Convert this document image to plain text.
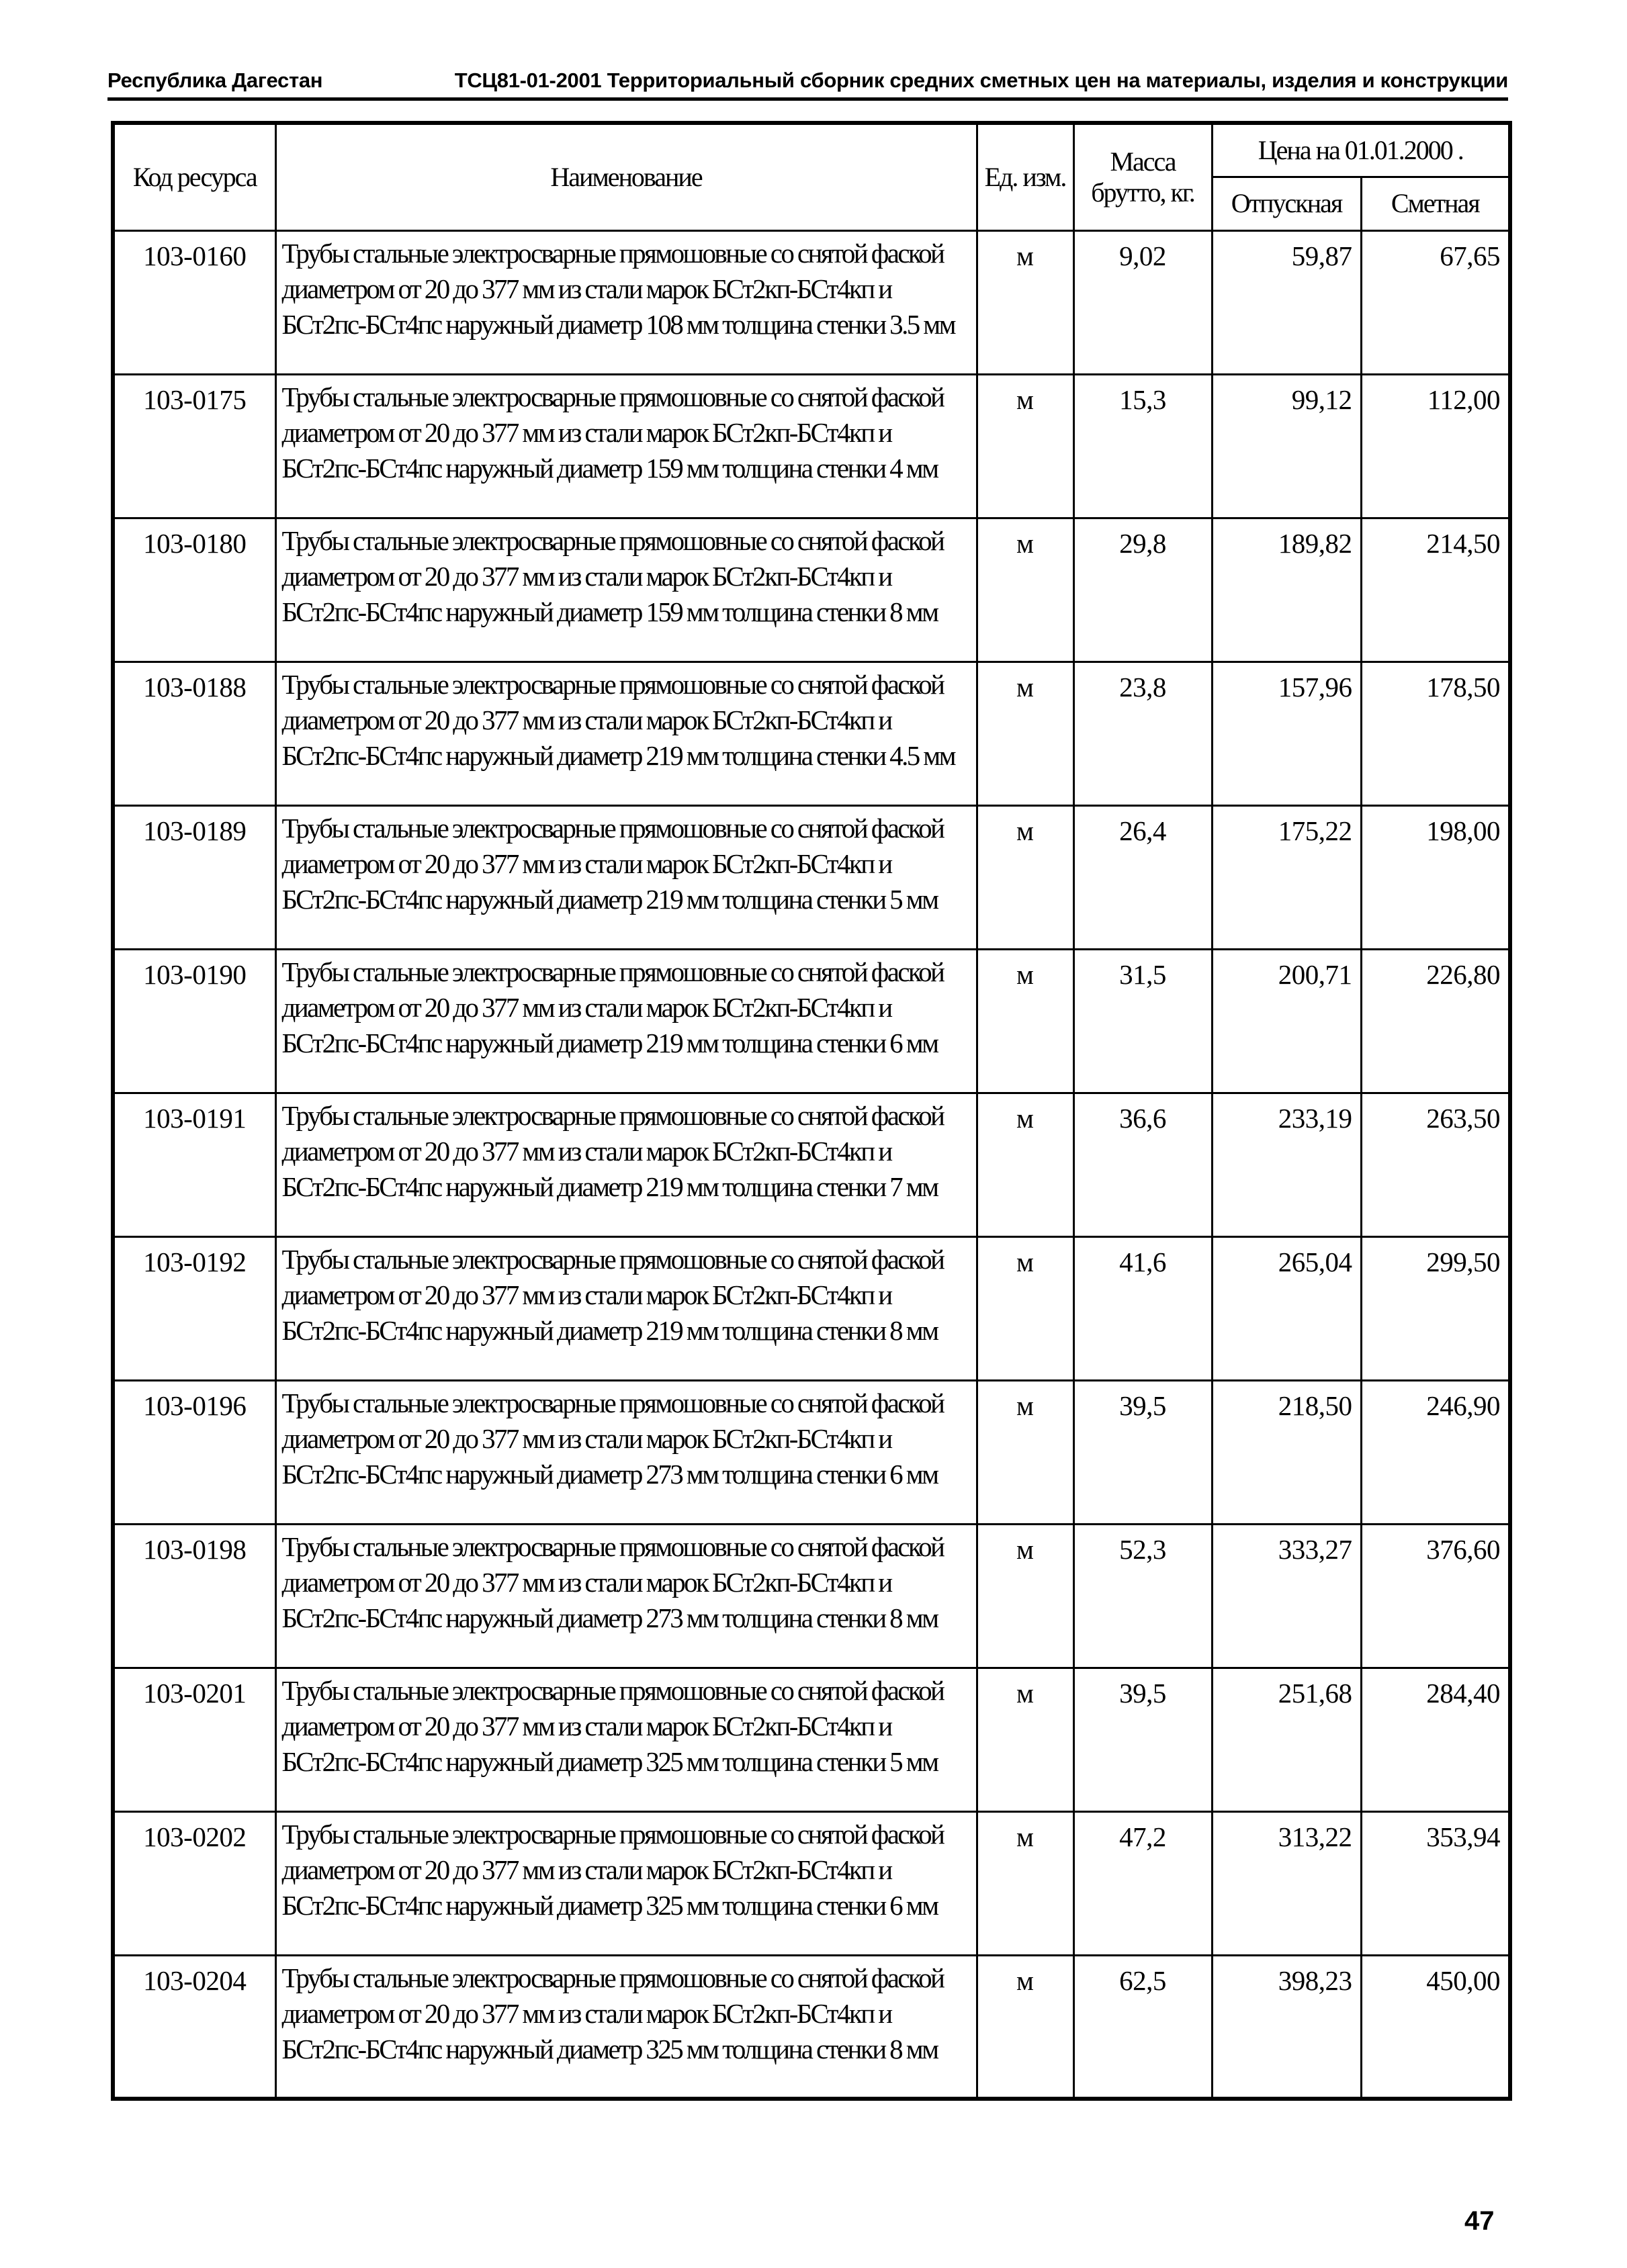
Республика Дагестан	ТСЦ81-01-2001 Территориальный сборник средних сметных цен на материалы, изделия и конструкции
Код ресурса	Наименование	Ед. изм.	Масса брутто, кг.	Цена на 01.01.2000 .	
				Отпускная	Сметная
103-0160	Трубы стальные электросварные прямошовные со снятой фаской диаметром от 20 до 377 мм из стали марок БСт2кп-БСт4кп и БСт2пс-БСт4пс наружный диаметр 108 мм толщина стенки 3.5 мм	м	9,02	59,87	67,65
103-0175	Трубы стальные электросварные прямошовные со снятой фаской диаметром от 20 до 377 мм из стали марок БСт2кп-БСт4кп и БСт2пс-БСт4пс наружный диаметр 159 мм толщина стенки 4 мм	м	15,3	99,12	112,00
103-0180	Трубы стальные электросварные прямошовные со снятой фаской диаметром от 20 до 377 мм из стали марок БСт2кп-БСт4кп и БСт2пс-БСт4пс наружный диаметр 159 мм толщина стенки 8 мм	м	29,8	189,82	214,50
103-0188	Трубы стальные электросварные прямошовные со снятой фаской диаметром от 20 до 377 мм из стали марок БСт2кп-БСт4кп и БСт2пс-БСт4пс наружный диаметр 219 мм толщина стенки 4.5 мм	м	23,8	157,96	178,50
103-0189	Трубы стальные электросварные прямошовные со снятой фаской диаметром от 20 до 377 мм из стали марок БСт2кп-БСт4кп и БСт2пс-БСт4пс наружный диаметр 219 мм толщина стенки 5 мм	м	26,4	175,22	198,00
103-0190	Трубы стальные электросварные прямошовные со снятой фаской диаметром от 20 до 377 мм из стали марок БСт2кп-БСт4кп и БСт2пс-БСт4пс наружный диаметр 219 мм толщина стенки 6 мм	м	31,5	200,71	226,80
103-0191	Трубы стальные электросварные прямошовные со снятой фаской диаметром от 20 до 377 мм из стали марок БСт2кп-БСт4кп и БСт2пс-БСт4пс наружный диаметр 219 мм толщина стенки 7 мм	м	36,6	233,19	263,50
103-0192	Трубы стальные электросварные прямошовные со снятой фаской диаметром от 20 до 377 мм из стали марок БСт2кп-БСт4кп и БСт2пс-БСт4пс наружный диаметр 219 мм толщина стенки 8 мм	м	41,6	265,04	299,50
103-0196	Трубы стальные электросварные прямошовные со снятой фаской диаметром от 20 до 377 мм из стали марок БСт2кп-БСт4кп и БСт2пс-БСт4пс наружный диаметр 273 мм толщина стенки 6 мм	м	39,5	218,50	246,90
103-0198	Трубы стальные электросварные прямошовные со снятой фаской диаметром от 20 до 377 мм из стали марок БСт2кп-БСт4кп и БСт2пс-БСт4пс наружный диаметр 273 мм толщина стенки 8 мм	м	52,3	333,27	376,60
103-0201	Трубы стальные электросварные прямошовные со снятой фаской диаметром от 20 до 377 мм из стали марок БСт2кп-БСт4кп и БСт2пс-БСт4пс наружный диаметр 325 мм толщина стенки 5 мм	м	39,5	251,68	284,40
103-0202	Трубы стальные электросварные прямошовные со снятой фаской диаметром от 20 до 377 мм из стали марок БСт2кп-БСт4кп и БСт2пс-БСт4пс наружный диаметр 325 мм толщина стенки 6 мм	м	47,2	313,22	353,94
103-0204	Трубы стальные электросварные прямошовные со снятой фаской диаметром от 20 до 377 мм из стали марок БСт2кп-БСт4кп и БСт2пс-БСт4пс наружный диаметр 325 мм толщина стенки 8 мм	м	62,5	398,23	450,00
47
